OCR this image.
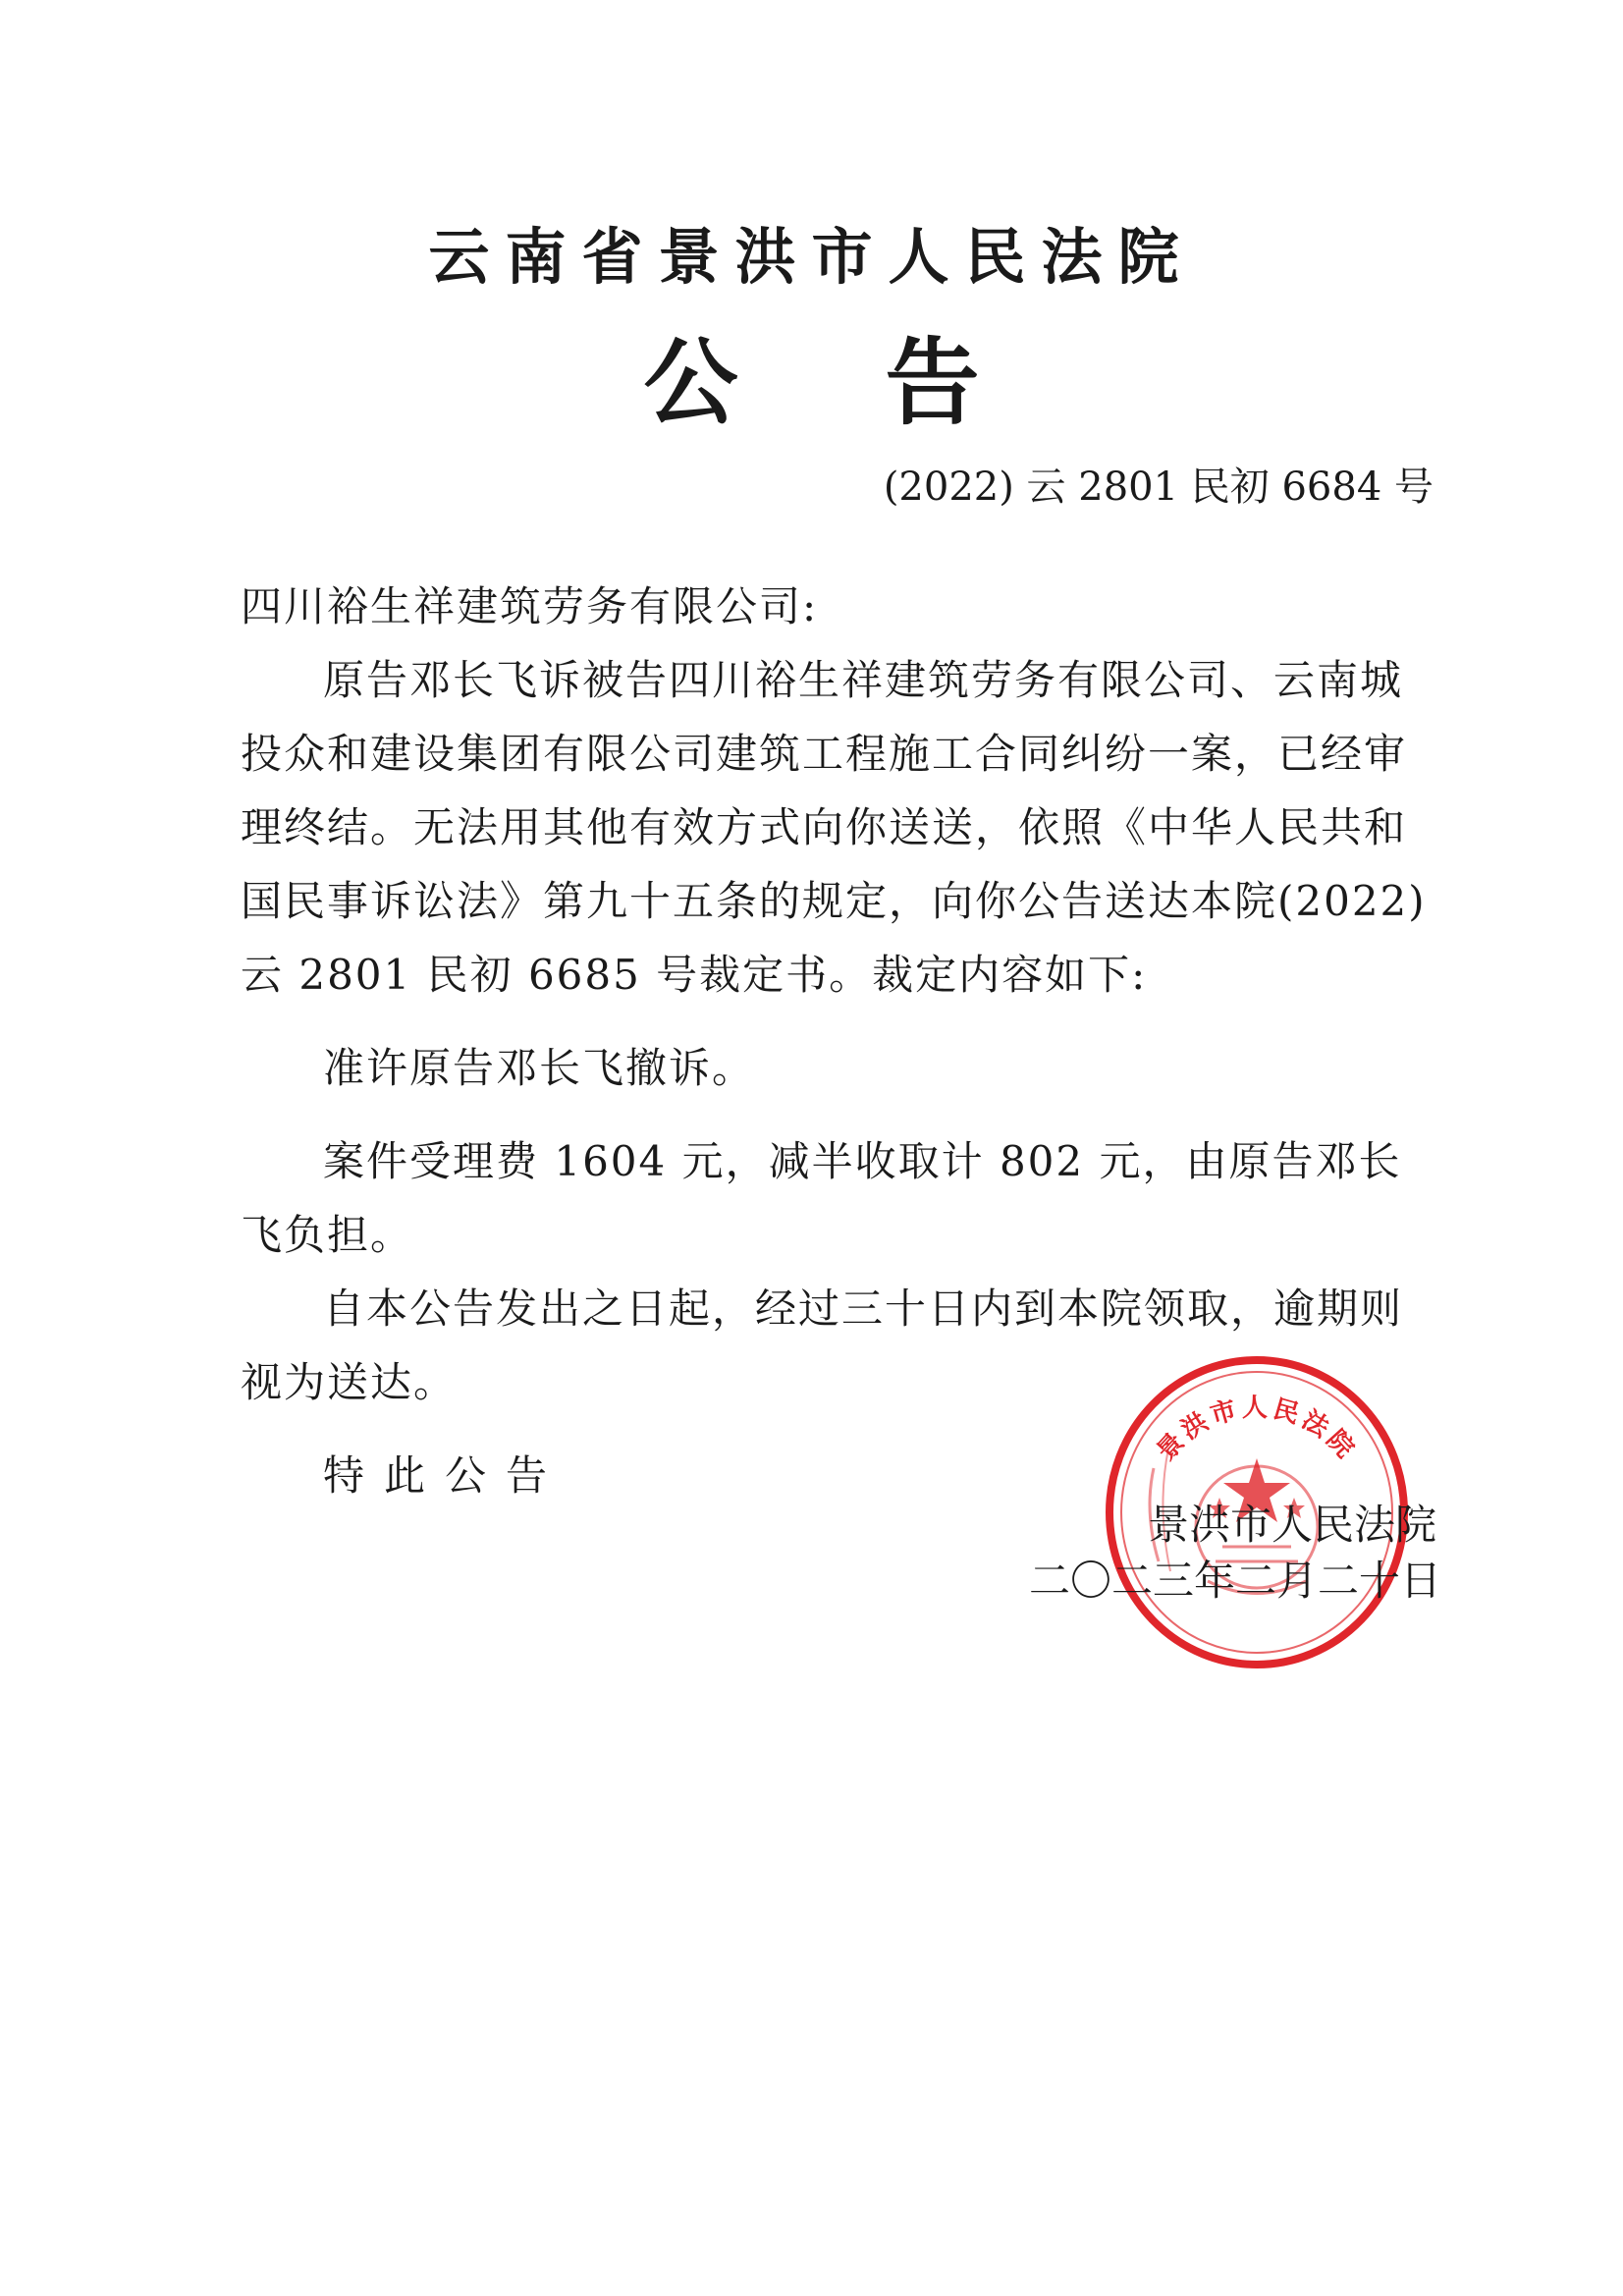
云南省景洪市人民法院
公告
(2022) 云 2801 民初 6684 号

四川裕生祥建筑劳务有限公司:

原告邓长飞诉被告四川裕生祥建筑劳务有限公司、云南城投众和建设集团有限公司建筑工程施工合同纠纷一案，已经审理终结。无法用其他有效方式向你送送，依照《中华人民共和国民事诉讼法》第九十五条的规定，向你公告送达本院(2022)云 2801 民初 6685 号裁定书。裁定内容如下:

准许原告邓长飞撤诉。

案件受理费 1604 元，减半收取计 802 元，由原告邓长飞负担。

自本公告发出之日起，经过三十日内到本院领取，逾期则视为送达。

特此公告

景洪市人民法院
景洪市人民法院
二〇二三年二月二十日
